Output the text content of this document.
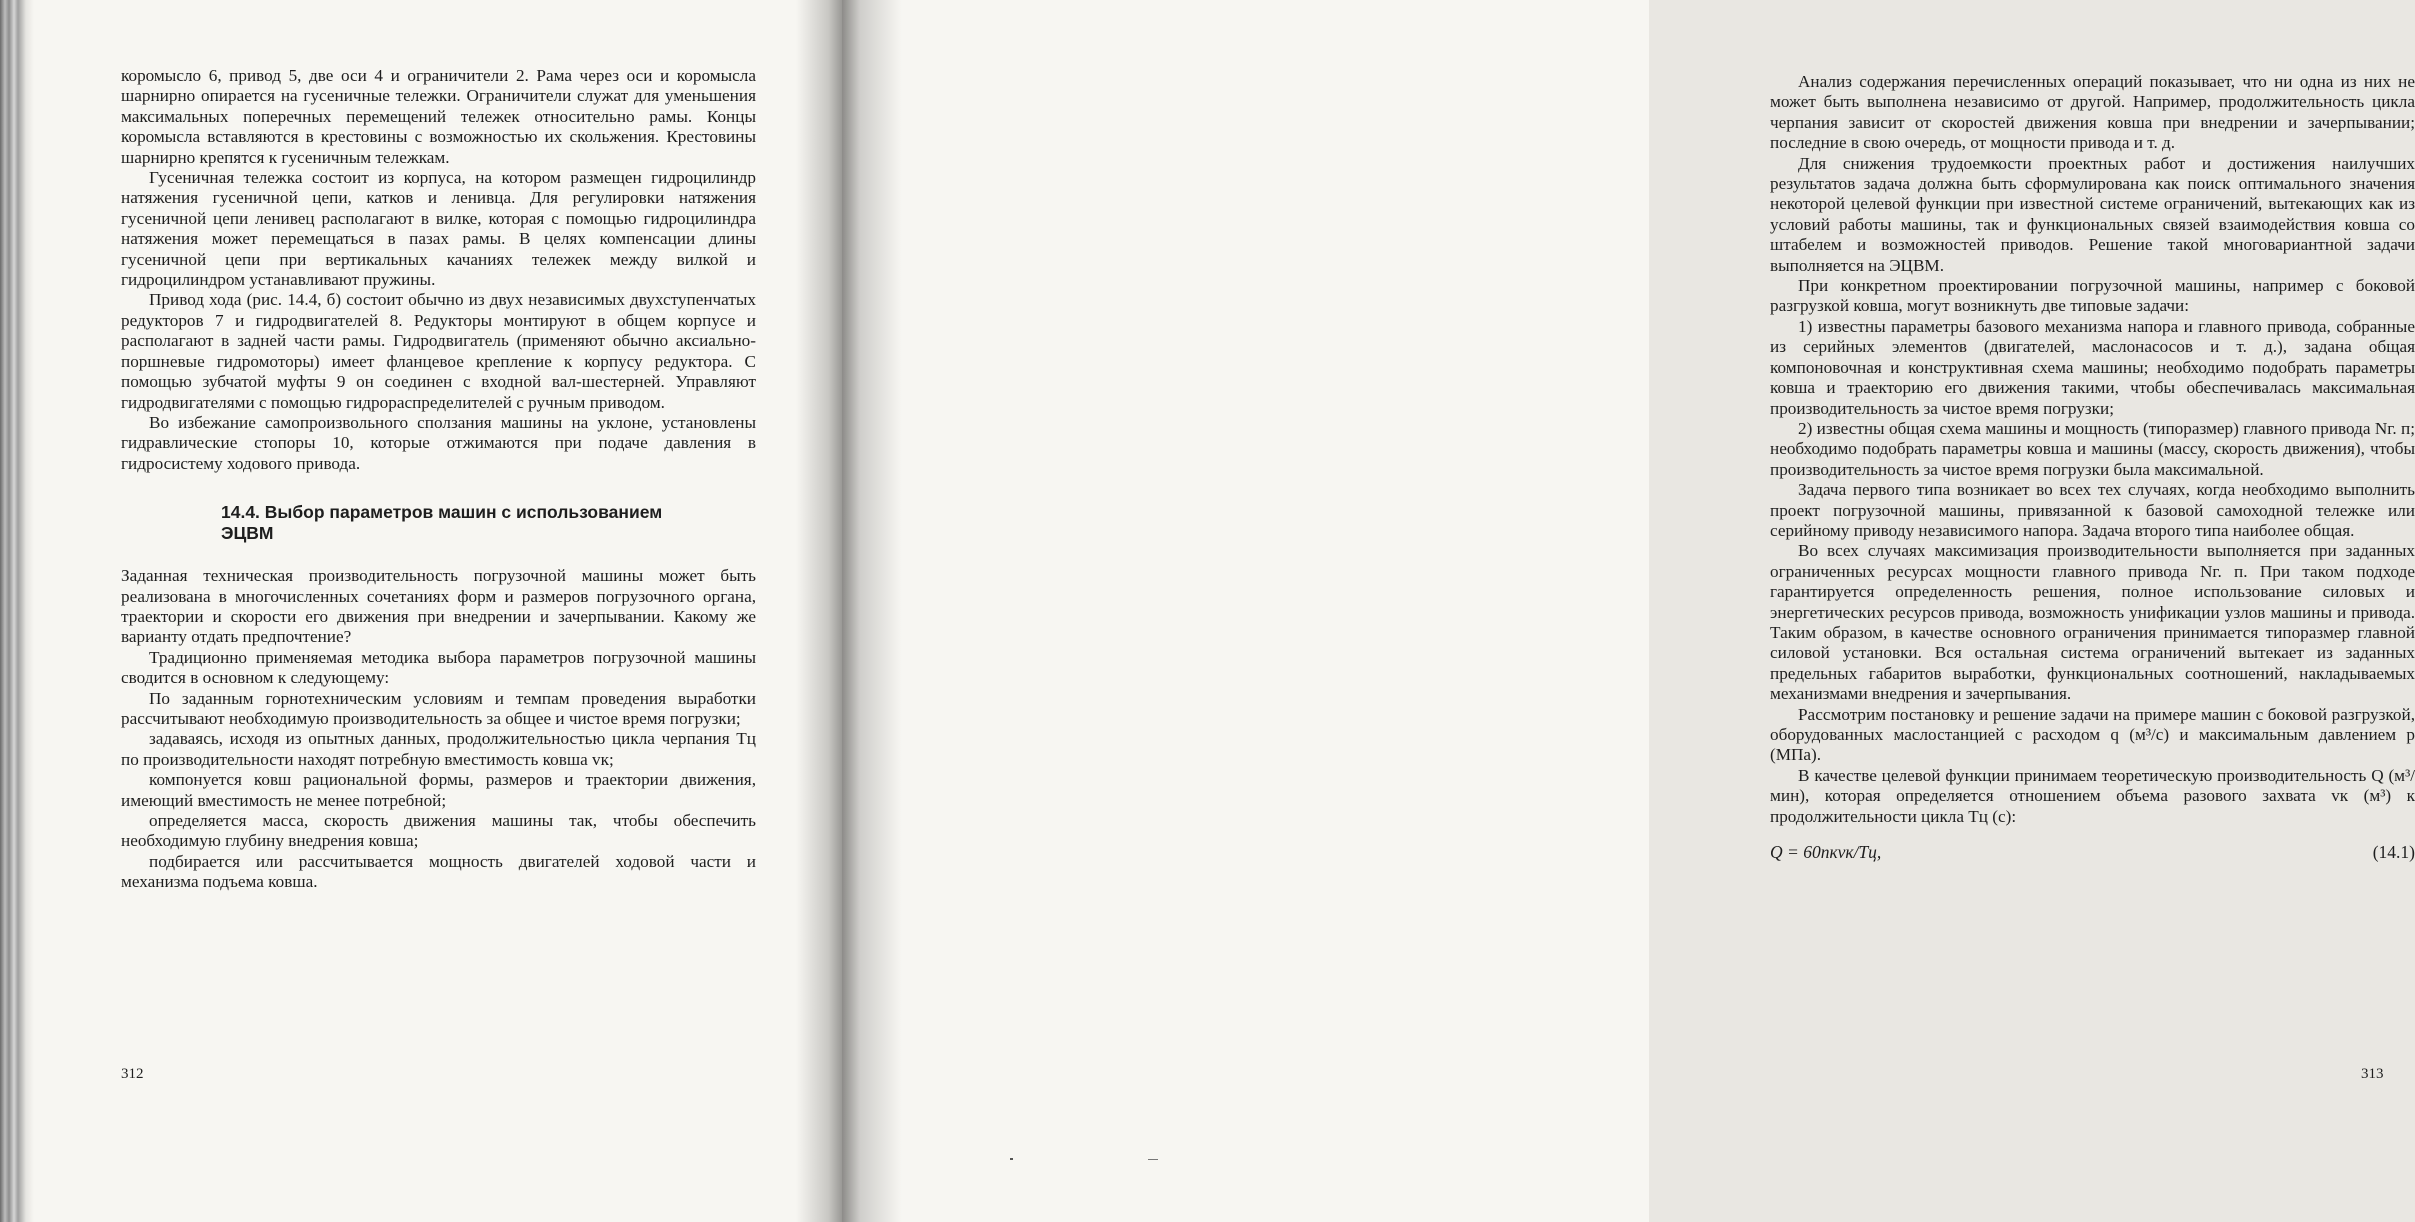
коромысло 6, привод 5, две оси 4 и ограничители 2. Рама через оси и коромысла шарнирно опирается на гусеничные тележки. Ограничители служат для уменьшения максимальных поперечных перемещений тележек относительно рамы. Концы коромысла вставляются в крестовины с возможностью их скольжения. Крестовины шарнирно крепятся к гусеничным тележкам.

Гусеничная тележка состоит из корпуса, на котором размещен гидроцилиндр натяжения гусеничной цепи, катков и ленивца. Для регулировки натяжения гусеничной цепи ленивец располагают в вилке, которая с помощью гидроцилиндра натяжения может перемещаться в пазах рамы. В целях компенсации длины гусеничной цепи при вертикальных качаниях тележек между вилкой и гидроцилиндром устанавливают пружины.

Привод хода (рис. 14.4, б) состоит обычно из двух независимых двухступенчатых редукторов 7 и гидродвигателей 8. Редукторы монтируют в общем корпусе и располагают в задней части рамы. Гидродвигатель (применяют обычно аксиально-поршневые гидромоторы) имеет фланцевое крепление к корпусу редуктора. С помощью зубчатой муфты 9 он соединен с входной вал-шестерней. Управляют гидродвигателями с помощью гидрораспределителей с ручным приводом.

Во избежание самопроизвольного сползания машины на уклоне, установлены гидравлические стопоры 10, которые отжимаются при подаче давления в гидросистему ходового привода.

14.4. Выбор параметров машин с использованием ЭЦВМ

Заданная техническая производительность погрузочной машины может быть реализована в многочисленных сочетаниях форм и размеров погрузочного органа, траектории и скорости его движения при внедрении и зачерпывании. Какому же варианту отдать предпочтение?

Традиционно применяемая методика выбора параметров погрузочной машины сводится в основном к следующему:

По заданным горнотехническим условиям и темпам проведения выработки рассчитывают необходимую производительность за общее и чистое время погрузки;

задаваясь, исходя из опытных данных, продолжительностью цикла черпания Tц по производительности находят потребную вместимость ковша vк;

компонуется ковш рациональной формы, размеров и траектории движения, имеющий вместимость не менее потребной;

определяется масса, скорость движения машины так, чтобы обеспечить необходимую глубину внедрения ковша;

подбирается или рассчитывается мощность двигателей ходовой части и механизма подъема ковша.

312

Анализ содержания перечисленных операций показывает, что ни одна из них не может быть выполнена независимо от другой. Например, продолжительность цикла черпания зависит от скоростей движения ковша при внедрении и зачерпывании; последние в свою очередь, от мощности привода и т. д.

Для снижения трудоемкости проектных работ и достижения наилучших результатов задача должна быть сформулирована как поиск оптимального значения некоторой целевой функции при известной системе ограничений, вытекающих как из условий работы машины, так и функциональных связей взаимодействия ковша со штабелем и возможностей приводов. Решение такой многовариантной задачи выполняется на ЭЦВМ.

При конкретном проектировании погрузочной машины, например с боковой разгрузкой ковша, могут возникнуть две типовые задачи:

1) известны параметры базового механизма напора и главного привода, собранные из серийных элементов (двигателей, маслонасосов и т. д.), задана общая компоновочная и конструктивная схема машины; необходимо подобрать параметры ковша и траекторию его движения такими, чтобы обеспечивалась максимальная производительность за чистое время погрузки;

2) известны общая схема машины и мощность (типоразмер) главного привода Nг. п; необходимо подобрать параметры ковша и машины (массу, скорость движения), чтобы производительность за чистое время погрузки была максимальной.

Задача первого типа возникает во всех тех случаях, когда необходимо выполнить проект погрузочной машины, привязанной к базовой самоходной тележке или серийному приводу независимого напора. Задача второго типа наиболее общая.

Во всех случаях максимизация производительности выполняется при заданных ограниченных ресурсах мощности главного привода Nг. п. При таком подходе гарантируется определенность решения, полное использование силовых и энергетических ресурсов привода, возможность унификации узлов машины и привода. Таким образом, в качестве основного ограничения принимается типоразмер главной силовой установки. Вся остальная система ограничений вытекает из заданных предельных габаритов выработки, функциональных соотношений, накладываемых механизмами внедрения и зачерпывания.

Рассмотрим постановку и решение задачи на примере машин с боковой разгрузкой, оборудованных маслостанцией с расходом q (м³/с) и максимальным давлением p (МПа).

В качестве целевой функции принимаем теоретическую производительность Q (м³/мин), которая определяется отношением объема разового захвата vк (м³) к продолжительности цикла Tц (с):

Q = 60nкvк/Tц,	(14.1)
313
